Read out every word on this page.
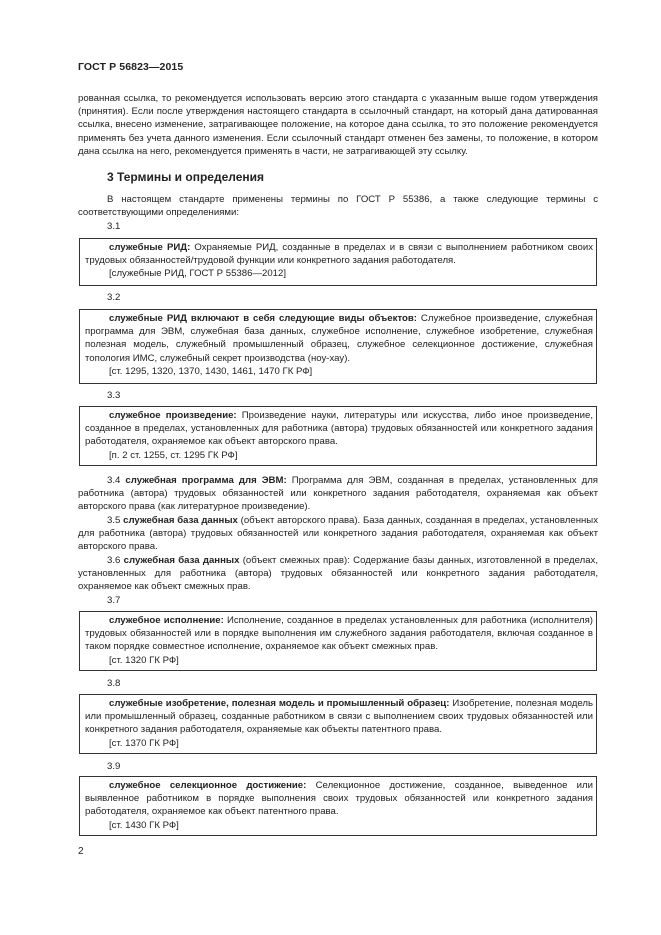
ГОСТ Р 56823—2015
рованная ссылка, то рекомендуется использовать версию этого стандарта с указанным выше годом утверждения (принятия). Если после утверждения настоящего стандарта в ссылочный стандарт, на который дана датированная ссылка, внесено изменение, затрагивающее положение, на которое дана ссылка, то это положение рекомендуется применять без учета данного изменения. Если ссылочный стандарт отменен без замены, то положение, в котором дана ссылка на него, рекомендуется применять в части, не затрагивающей эту ссылку.
3 Термины и определения
В настоящем стандарте применены термины по ГОСТ Р 55386, а также следующие термины с соответствующими определениями:
3.1

служебные РИД: Охраняемые РИД, созданные в пределах и в связи с выполнением работником своих трудовых обязанностей/трудовой функции или конкретного задания работодателя.

[служебные РИД, ГОСТ Р 55386—2012]

3.2

служебные РИД включают в себя следующие виды объектов: Служебное произведение, служебная программа для ЭВМ, служебная база данных, служебное исполнение, служебное изобретение, служебная полезная модель, служебный промышленный образец, служебное селекционное достижение, служебная топология ИМС, служебный секрет производства (ноу-хау).

[ст. 1295, 1320, 1370, 1430, 1461, 1470 ГК РФ]

3.3

служебное произведение: Произведение науки, литературы или искусства, либо иное произведение, созданное в пределах, установленных для работника (автора) трудовых обязанностей или конкретного задания работодателя, охраняемое как объект авторского права.

[п. 2 ст. 1255, ст. 1295 ГК РФ]

3.4 служебная программа для ЭВМ: Программа для ЭВМ, созданная в пределах, установленных для работника (автора) трудовых обязанностей или конкретного задания работодателя, охраняемая как объект авторского права (как литературное произведение).
3.5 служебная база данных (объект авторского права). База данных, созданная в пределах, установленных для работника (автора) трудовых обязанностей или конкретного задания работодателя, охраняемая как объект авторского права.
3.6 служебная база данных (объект смежных прав): Содержание базы данных, изготовленной в пределах, установленных для работника (автора) трудовых обязанностей или конкретного задания работодателя, охраняемое как объект смежных прав.
3.7

служебное исполнение: Исполнение, созданное в пределах установленных для работника (исполнителя) трудовых обязанностей или в порядке выполнения им служебного задания работодателя, включая созданное в таком порядке совместное исполнение, охраняемое как объект смежных прав.

[ст. 1320 ГК РФ]

3.8

служебные изобретение, полезная модель и промышленный образец: Изобретение, полезная модель или промышленный образец, созданные работником в связи с выполнением своих трудовых обязанностей или конкретного задания работодателя, охраняемые как объекты патентного права.

[ст. 1370 ГК РФ]

3.9

служебное селекционное достижение: Селекционное достижение, созданное, выведенное или выявленное работником в порядке выполнения своих трудовых обязанностей или конкретного задания работодателя, охраняемое как объект патентного права.

[ст. 1430 ГК РФ]

2
